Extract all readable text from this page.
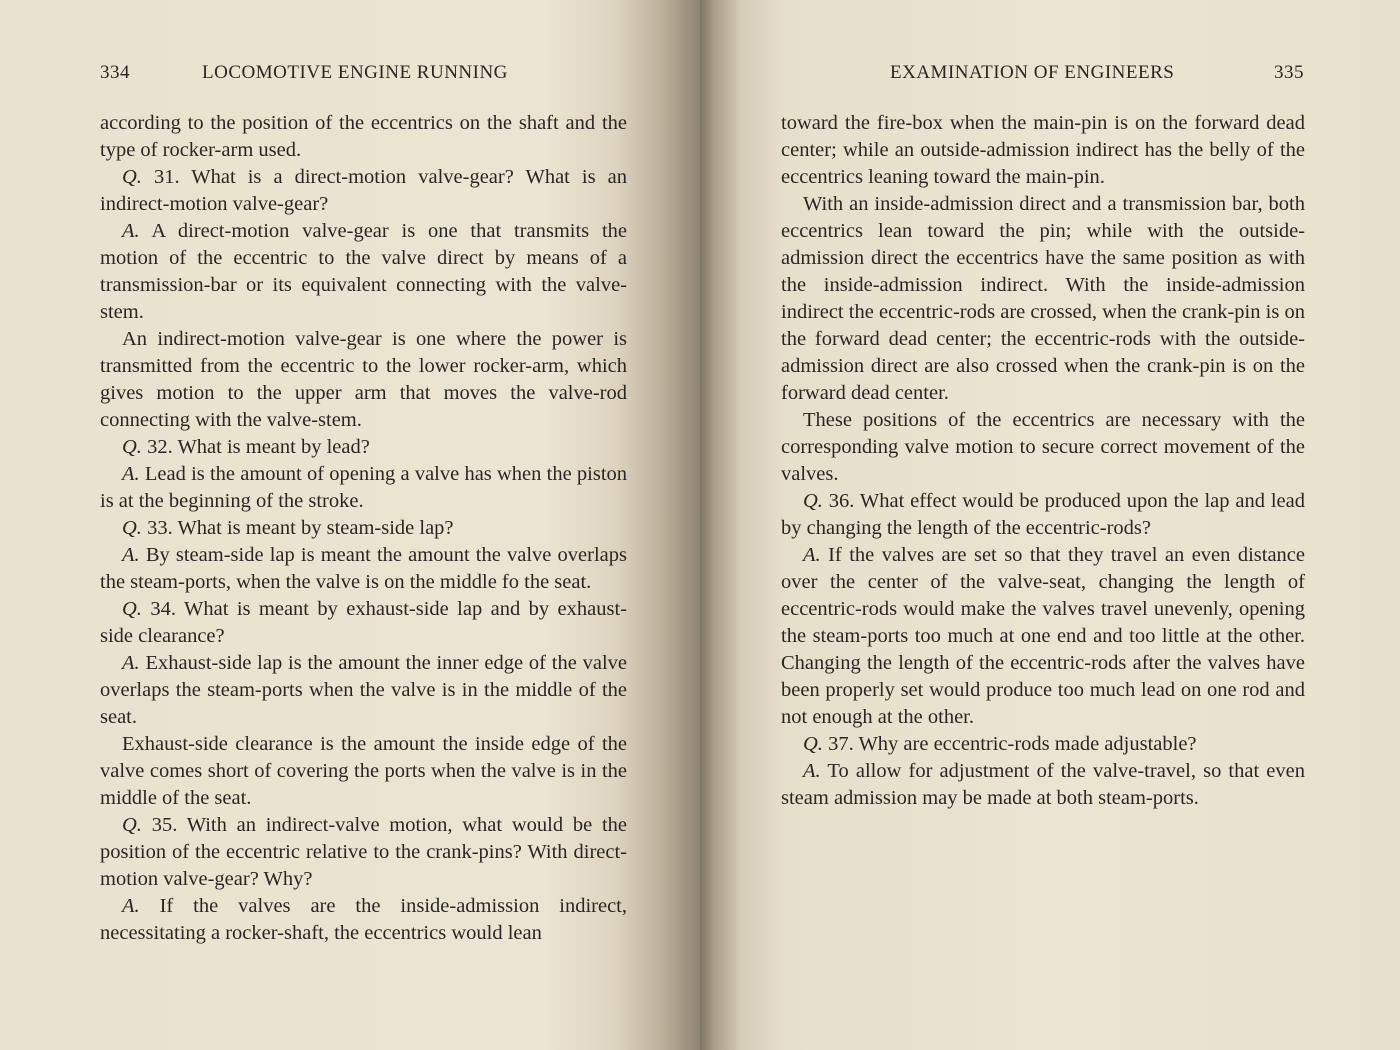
334	LOCOMOTIVE ENGINE RUNNING

according to the position of the eccentrics on the shaft and the type of rocker-arm used.

Q. 31. What is a direct-motion valve-gear? What is an indirect-motion valve-gear?

A. A direct-motion valve-gear is one that transmits the motion of the eccentric to the valve direct by means of a transmission-bar or its equivalent connecting with the valve-stem.

An indirect-motion valve-gear is one where the power is transmitted from the eccentric to the lower rocker-arm, which gives motion to the upper arm that moves the valve-rod connecting with the valve-stem.

Q. 32. What is meant by lead?

A. Lead is the amount of opening a valve has when the piston is at the beginning of the stroke.

Q. 33. What is meant by steam-side lap?

A. By steam-side lap is meant the amount the valve overlaps the steam-ports, when the valve is on the middle fo the seat.

Q. 34. What is meant by exhaust-side lap and by exhaust-side clearance?

A. Exhaust-side lap is the amount the inner edge of the valve overlaps the steam-ports when the valve is in the middle of the seat.

Exhaust-side clearance is the amount the inside edge of the valve comes short of covering the ports when the valve is in the middle of the seat.

Q. 35. With an indirect-valve motion, what would be the position of the eccentric relative to the crank-pins? With direct-motion valve-gear? Why?

A. If the valves are the inside-admission indirect, necessitating a rocker-shaft, the eccentrics would lean

EXAMINATION OF ENGINEERS	335

toward the fire-box when the main-pin is on the forward dead center; while an outside-admission indirect has the belly of the eccentrics leaning toward the main-pin.

With an inside-admission direct and a transmission bar, both eccentrics lean toward the pin; while with the outside-admission direct the eccentrics have the same position as with the inside-admission indirect. With the inside-admission indirect the eccentric-rods are crossed, when the crank-pin is on the forward dead center; the eccentric-rods with the outside-admission direct are also crossed when the crank-pin is on the forward dead center.

These positions of the eccentrics are necessary with the corresponding valve motion to secure correct movement of the valves.

Q. 36. What effect would be produced upon the lap and lead by changing the length of the eccentric-rods?

A. If the valves are set so that they travel an even distance over the center of the valve-seat, changing the length of eccentric-rods would make the valves travel unevenly, opening the steam-ports too much at one end and too little at the other. Changing the length of the eccentric-rods after the valves have been properly set would produce too much lead on one rod and not enough at the other.

Q. 37. Why are eccentric-rods made adjustable?

A. To allow for adjustment of the valve-travel, so that even steam admission may be made at both steam-ports.
